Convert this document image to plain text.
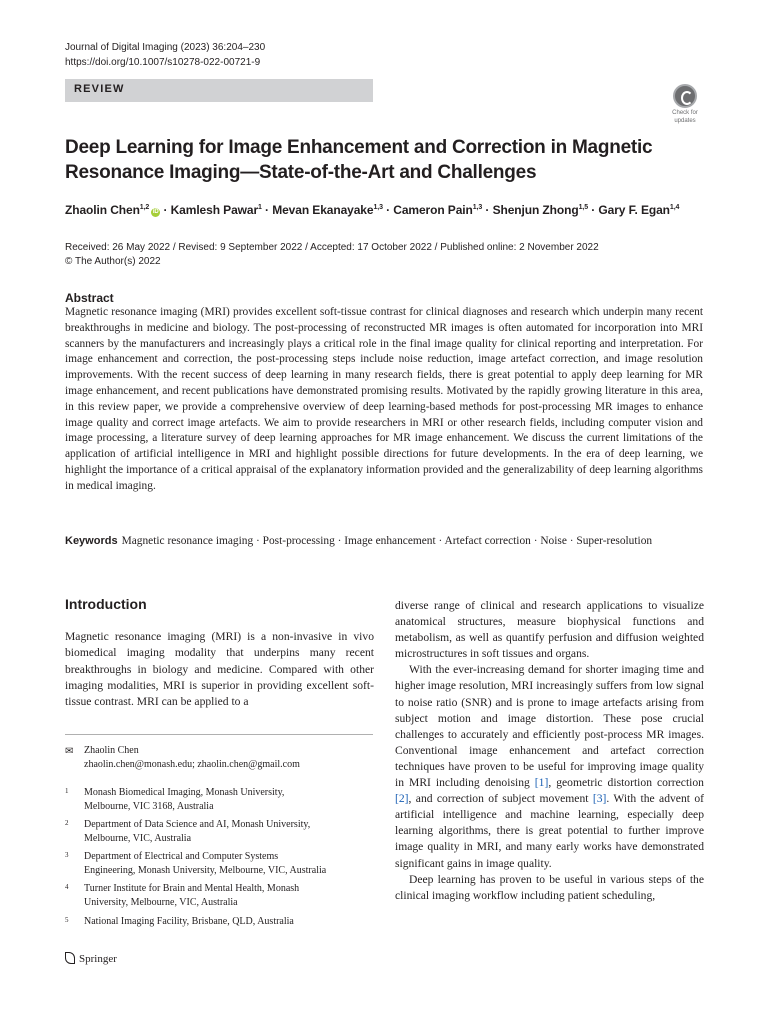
Journal of Digital Imaging (2023) 36:204–230
https://doi.org/10.1007/s10278-022-00721-9
REVIEW
Check for
updates
Deep Learning for Image Enhancement and Correction in Magnetic Resonance Imaging—State-of-the-Art and Challenges
Zhaolin Chen$^{1,2}$iD · Kamlesh Pawar$^1$ · Mevan Ekanayake$^{1,3}$ · Cameron Pain$^{1,3}$ · Shenjun Zhong$^{1,5}$ · Gary F. Egan$^{1,4}$
Received: 26 May 2022 / Revised: 9 September 2022 / Accepted: 17 October 2022 / Published online: 2 November 2022
© The Author(s) 2022
Abstract
Magnetic resonance imaging (MRI) provides excellent soft-tissue contrast for clinical diagnoses and research which underpin many recent breakthroughs in medicine and biology. The post-processing of reconstructed MR images is often automated for incorporation into MRI scanners by the manufacturers and increasingly plays a critical role in the final image quality for clinical reporting and interpretation. For image enhancement and correction, the post-processing steps include noise reduction, image artefact correction, and image resolution improvements. With the recent success of deep learning in many research fields, there is great potential to apply deep learning for MR image enhancement, and recent publications have demonstrated promising results. Motivated by the rapidly growing literature in this area, in this review paper, we provide a comprehensive overview of deep learning-based methods for post-processing MR images to enhance image quality and correct image artefacts. We aim to provide researchers in MRI or other research fields, including computer vision and image processing, a literature survey of deep learning approaches for MR image enhancement. We discuss the current limitations of the application of artificial intelligence in MRI and highlight possible directions for future developments. In the era of deep learning, we highlight the importance of a critical appraisal of the explanatory information provided and the generalizability of deep learning algorithms in medical imaging.
Keywords Magnetic resonance imaging · Post-processing · Image enhancement · Artefact correction · Noise · Super-resolution
Introduction
Magnetic resonance imaging (MRI) is a non-invasive in vivo biomedical imaging modality that underpins many recent breakthroughs in biology and medicine. Compared with other imaging modalities, MRI is superior in providing excellent soft-tissue contrast. MRI can be applied to a
✉ Zhaolin Chen
zhaolin.chen@monash.edu; zhaolin.chen@gmail.com
1 Monash Biomedical Imaging, Monash University,
Melbourne, VIC 3168, Australia
2 Department of Data Science and AI, Monash University,
Melbourne, VIC, Australia
3 Department of Electrical and Computer Systems
Engineering, Monash University, Melbourne, VIC, Australia
4 Turner Institute for Brain and Mental Health, Monash
University, Melbourne, VIC, Australia
5 National Imaging Facility, Brisbane, QLD, Australia

diverse range of clinical and research applications to visualize anatomical structures, measure biophysical functions and metabolism, as well as quantify perfusion and diffusion weighted microstructures in soft tissues and organs.

With the ever-increasing demand for shorter imaging time and higher image resolution, MRI increasingly suffers from low signal to noise ratio (SNR) and is prone to image artefacts arising from subject motion and image distortion. These pose crucial challenges to accurately and efficiently post-process MR images. Conventional image enhancement and artefact correction techniques have proven to be useful for improving image quality in MRI including denoising [1], geometric distortion correction [2], and correction of subject movement [3]. With the advent of artificial intelligence and machine learning, especially deep learning algorithms, there is great potential to further improve image quality in MRI, and many early works have demonstrated significant gains in image quality.

Deep learning has proven to be useful in various steps of the clinical imaging workflow including patient scheduling,

Springer
